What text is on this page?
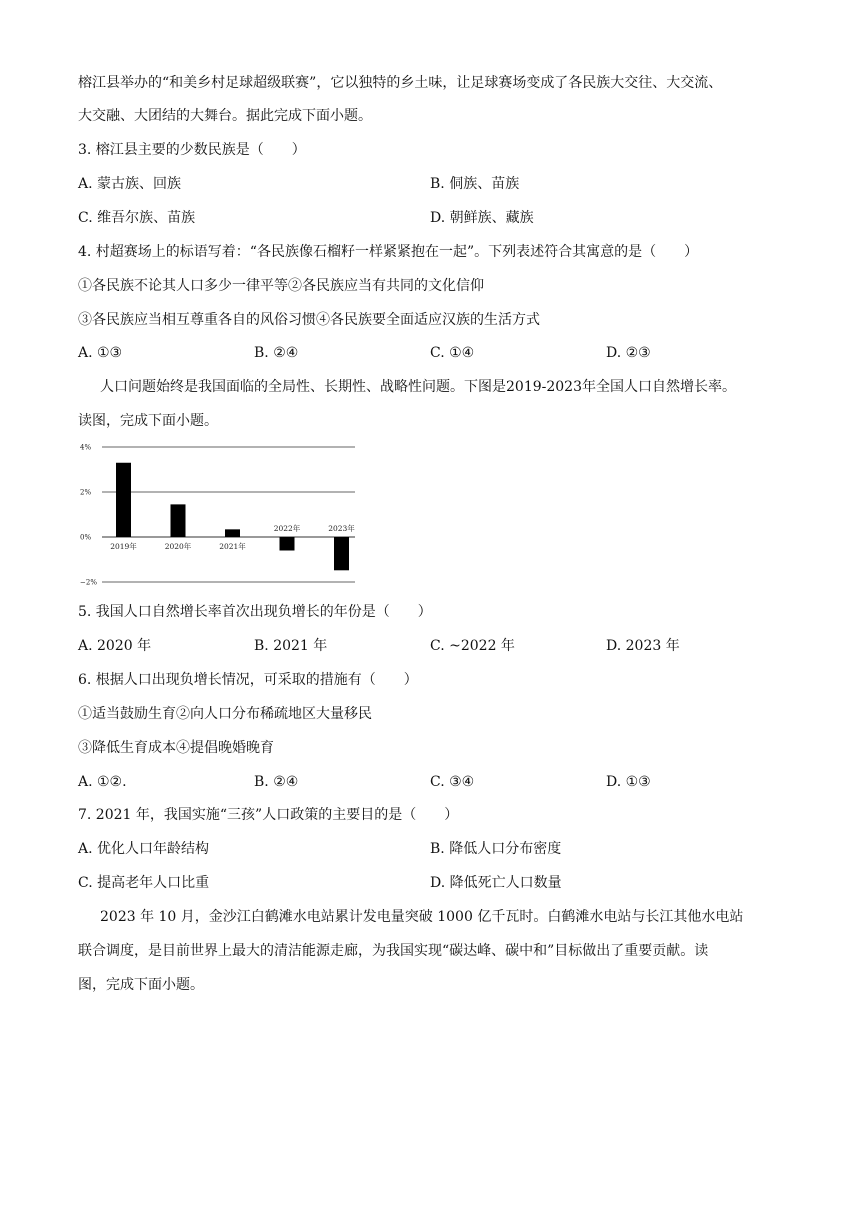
榕江县举办的“和美乡村足球超级联赛”，它以独特的乡土味，让足球赛场变成了各民族大交往、大交流、
大交融、大团结的大舞台。据此完成下面小题。
3. 榕江县主要的少数民族是（　　）
A. 蒙古族、回族	B. 侗族、苗族
C. 维吾尔族、苗族	D. 朝鲜族、藏族
4. 村超赛场上的标语写着：“各民族像石榴籽一样紧紧抱在一起”。下列表述符合其寓意的是（　　）
①各民族不论其人口多少一律平等②各民族应当有共同的文化信仰
③各民族应当相互尊重各自的风俗习惯④各民族要全面适应汉族的生活方式
A. ①③	B. ②④	C. ①④	D. ②③
人口问题始终是我国面临的全局性、长期性、战略性问题。下图是2019-2023年全国人口自然增长率。
读图，完成下面小题。
4%
2%
0%
−2%
2019年	2020年	2021年
2022年	2023年
5. 我国人口自然增长率首次出现负增长的年份是（　　）
A. 2020 年	B. 2021 年	C. ~2022 年	D. 2023 年
6. 根据人口出现负增长情况，可采取的措施有（　　）
①适当鼓励生育②向人口分布稀疏地区大量移民
③降低生育成本④提倡晚婚晚育
A. ①②.	B. ②④	C. ③④	D. ①③
7. 2021 年，我国实施“三孩”人口政策的主要目的是（　　）
A. 优化人口年龄结构	B. 降低人口分布密度
C. 提高老年人口比重	D. 降低死亡人口数量
2023 年 10 月，金沙江白鹤滩水电站累计发电量突破 1000 亿千瓦时。白鹤滩水电站与长江其他水电站
联合调度，是目前世界上最大的清洁能源走廊，为我国实现“碳达峰、碳中和”目标做出了重要贡献。读
图，完成下面小题。
